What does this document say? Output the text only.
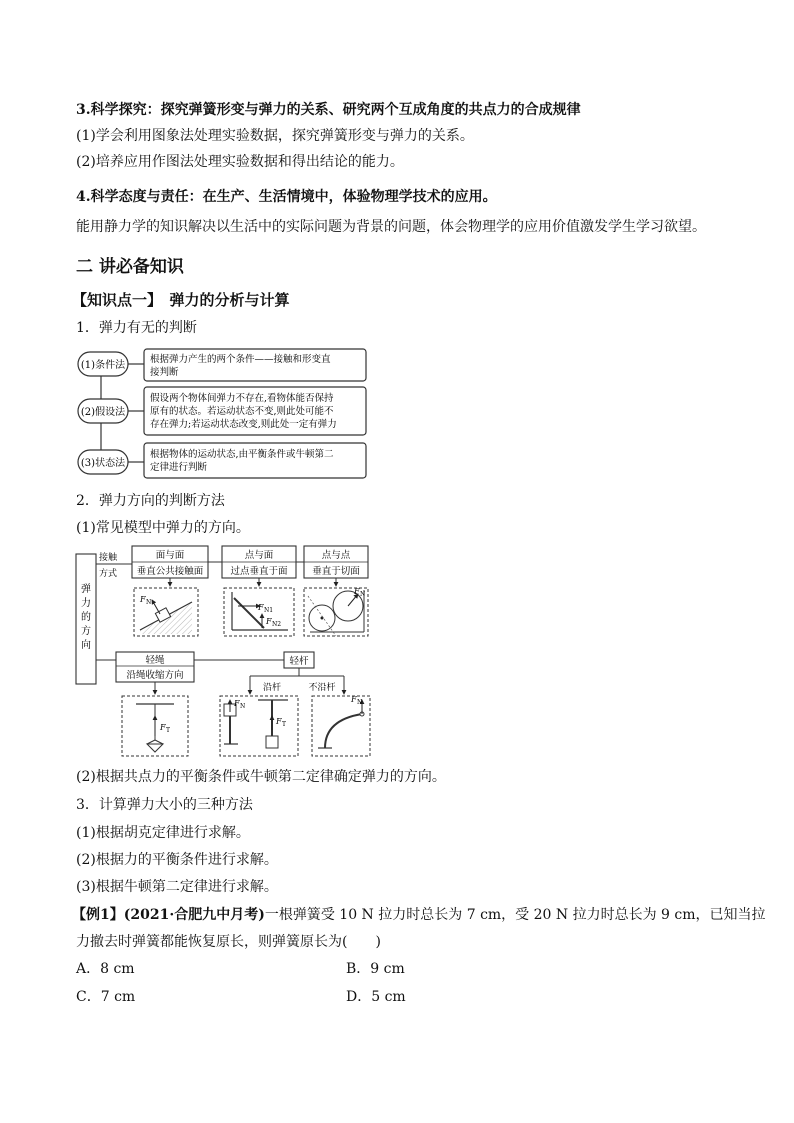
3.科学探究：探究弹簧形变与弹力的关系、研究两个互成角度的共点力的合成规律
(1)学会利用图象法处理实验数据，探究弹簧形变与弹力的关系。
(2)培养应用作图法处理实验数据和得出结论的能力。
4.科学态度与责任：在生产、生活情境中，体验物理学技术的应用。
能用静力学的知识解决以生活中的实际问题为背景的问题，体会物理学的应用价值激发学生学习欲望。
二 讲必备知识
【知识点一】　弹力的分析与计算
1．弹力有无的判断
(1)条件法
(2)假设法
(3)状态法
根据弹力产生的两个条件——接触和形变直
接判断
假设两个物体间弹力不存在,看物体能否保持
原有的状态。若运动状态不变,则此处可能不
存在弹力;若运动状态改变,则此处一定有弹力
根据物体的运动状态,由平衡条件或牛顿第二
定律进行判断
2．弹力方向的判断方法
(1)常见模型中弹力的方向。
弹
力
的
方
向
接触
方式
面与面
垂直公共接触面
点与面
过点垂直于面
点与点
垂直于切面
F N
F N1
F N2
F N
轻绳
沿绳收缩方向
轻杆
沿杆	不沿杆
F T
F N
F T
F N
(2)根据共点力的平衡条件或牛顿第二定律确定弹力的方向。
3．计算弹力大小的三种方法
(1)根据胡克定律进行求解。
(2)根据力的平衡条件进行求解。
(3)根据牛顿第二定律进行求解。
【例1】(2021·合肥九中月考)一根弹簧受 10 N 拉力时总长为 7 cm，受 20 N 拉力时总长为 9 cm，已知当拉
力撤去时弹簧都能恢复原长，则弹簧原长为(　　)
A．8 cm	B．9 cm
C．7 cm	D．5 cm
